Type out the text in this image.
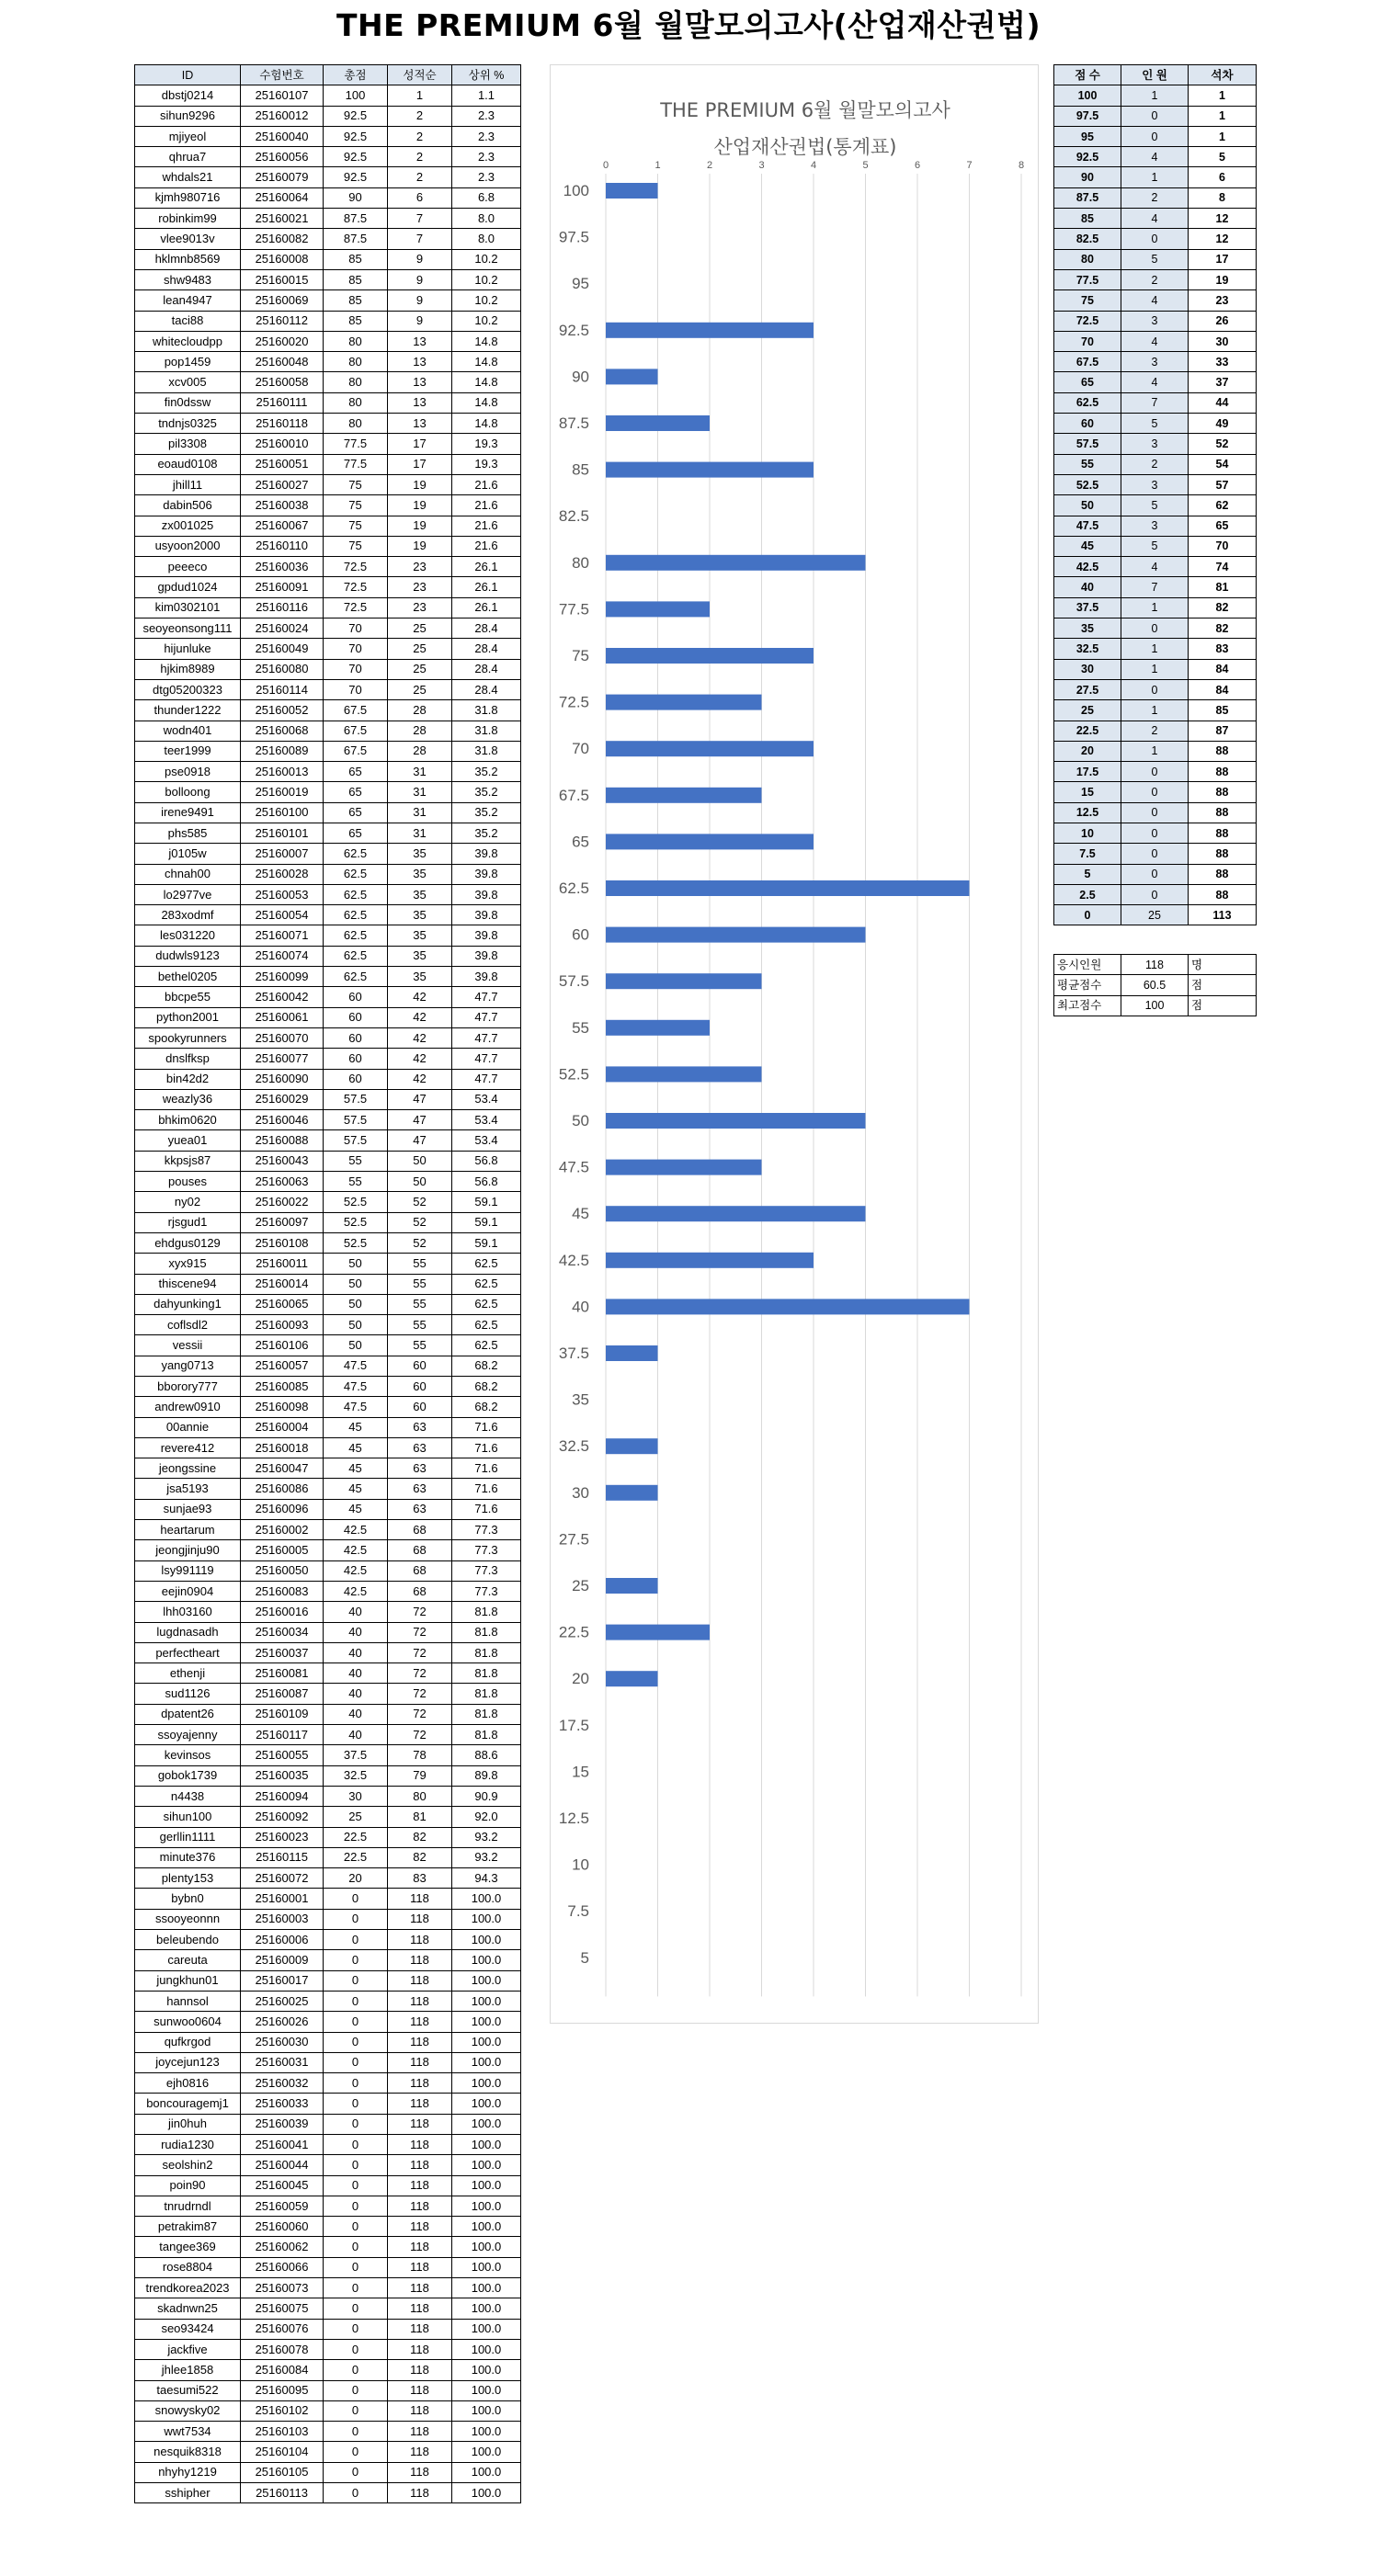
THE PREMIUM 6월 월말모의고사(산업재산권법)
ID	수험번호	총점	성적순	상위 %
dbstj0214	25160107	100	1	1.1
sihun9296	25160012	92.5	2	2.3
mjiyeol	25160040	92.5	2	2.3
qhrua7	25160056	92.5	2	2.3
whdals21	25160079	92.5	2	2.3
kjmh980716	25160064	90	6	6.8
robinkim99	25160021	87.5	7	8.0
vlee9013v	25160082	87.5	7	8.0
hklmnb8569	25160008	85	9	10.2
shw9483	25160015	85	9	10.2
lean4947	25160069	85	9	10.2
taci88	25160112	85	9	10.2
whitecloudpp	25160020	80	13	14.8
pop1459	25160048	80	13	14.8
xcv005	25160058	80	13	14.8
fin0dssw	25160111	80	13	14.8
tndnjs0325	25160118	80	13	14.8
pil3308	25160010	77.5	17	19.3
eoaud0108	25160051	77.5	17	19.3
jhill11	25160027	75	19	21.6
dabin506	25160038	75	19	21.6
zx001025	25160067	75	19	21.6
usyoon2000	25160110	75	19	21.6
peeeco	25160036	72.5	23	26.1
gpdud1024	25160091	72.5	23	26.1
kim0302101	25160116	72.5	23	26.1
seoyeonsong111	25160024	70	25	28.4
hijunluke	25160049	70	25	28.4
hjkim8989	25160080	70	25	28.4
dtg05200323	25160114	70	25	28.4
thunder1222	25160052	67.5	28	31.8
wodn401	25160068	67.5	28	31.8
teer1999	25160089	67.5	28	31.8
pse0918	25160013	65	31	35.2
bolloong	25160019	65	31	35.2
irene9491	25160100	65	31	35.2
phs585	25160101	65	31	35.2
j0105w	25160007	62.5	35	39.8
chnah00	25160028	62.5	35	39.8
lo2977ve	25160053	62.5	35	39.8
283xodmf	25160054	62.5	35	39.8
les031220	25160071	62.5	35	39.8
dudwls9123	25160074	62.5	35	39.8
bethel0205	25160099	62.5	35	39.8
bbcpe55	25160042	60	42	47.7
python2001	25160061	60	42	47.7
spookyrunners	25160070	60	42	47.7
dnslfksp	25160077	60	42	47.7
bin42d2	25160090	60	42	47.7
weazly36	25160029	57.5	47	53.4
bhkim0620	25160046	57.5	47	53.4
yuea01	25160088	57.5	47	53.4
kkpsjs87	25160043	55	50	56.8
pouses	25160063	55	50	56.8
ny02	25160022	52.5	52	59.1
rjsgud1	25160097	52.5	52	59.1
ehdgus0129	25160108	52.5	52	59.1
xyx915	25160011	50	55	62.5
thiscene94	25160014	50	55	62.5
dahyunking1	25160065	50	55	62.5
coflsdl2	25160093	50	55	62.5
vessii	25160106	50	55	62.5
yang0713	25160057	47.5	60	68.2
bborory777	25160085	47.5	60	68.2
andrew0910	25160098	47.5	60	68.2
00annie	25160004	45	63	71.6
revere412	25160018	45	63	71.6
jeongssine	25160047	45	63	71.6
jsa5193	25160086	45	63	71.6
sunjae93	25160096	45	63	71.6
heartarum	25160002	42.5	68	77.3
jeongjinju90	25160005	42.5	68	77.3
lsy991119	25160050	42.5	68	77.3
eejin0904	25160083	42.5	68	77.3
lhh03160	25160016	40	72	81.8
lugdnasadh	25160034	40	72	81.8
perfectheart	25160037	40	72	81.8
ethenji	25160081	40	72	81.8
sud1126	25160087	40	72	81.8
dpatent26	25160109	40	72	81.8
ssoyajenny	25160117	40	72	81.8
kevinsos	25160055	37.5	78	88.6
gobok1739	25160035	32.5	79	89.8
n4438	25160094	30	80	90.9
sihun100	25160092	25	81	92.0
gerllin1111	25160023	22.5	82	93.2
minute376	25160115	22.5	82	93.2
plenty153	25160072	20	83	94.3
bybn0	25160001	0	118	100.0
ssooyeonnn	25160003	0	118	100.0
beleubendo	25160006	0	118	100.0
careuta	25160009	0	118	100.0
jungkhun01	25160017	0	118	100.0
hannsol	25160025	0	118	100.0
sunwoo0604	25160026	0	118	100.0
qufkrgod	25160030	0	118	100.0
joycejun123	25160031	0	118	100.0
ejh0816	25160032	0	118	100.0
boncouragemj1	25160033	0	118	100.0
jin0huh	25160039	0	118	100.0
rudia1230	25160041	0	118	100.0
seolshin2	25160044	0	118	100.0
poin90	25160045	0	118	100.0
tnrudrndl	25160059	0	118	100.0
petrakim87	25160060	0	118	100.0
tangee369	25160062	0	118	100.0
rose8804	25160066	0	118	100.0
trendkorea2023	25160073	0	118	100.0
skadnwn25	25160075	0	118	100.0
seo93424	25160076	0	118	100.0
jackfive	25160078	0	118	100.0
jhlee1858	25160084	0	118	100.0
taesumi522	25160095	0	118	100.0
snowysky02	25160102	0	118	100.0
wwt7534	25160103	0	118	100.0
nesquik8318	25160104	0	118	100.0
nhyhy1219	25160105	0	118	100.0
sshipher	25160113	0	118	100.0
THE PREMIUM 6월 월말모의고사
산업재산권법(통계표)
0	1	2	3	4	5	6	7	8
100
97.5
95
92.5
90
87.5
85
82.5
80
77.5
75
72.5
70
67.5
65
62.5
60
57.5
55
52.5
50
47.5
45
42.5
40
37.5
35
32.5
30
27.5
25
22.5
20
17.5
15
12.5
10
7.5
5
점 수	인 원	석차
100	1	1
97.5	0	1
95	0	1
92.5	4	5
90	1	6
87.5	2	8
85	4	12
82.5	0	12
80	5	17
77.5	2	19
75	4	23
72.5	3	26
70	4	30
67.5	3	33
65	4	37
62.5	7	44
60	5	49
57.5	3	52
55	2	54
52.5	3	57
50	5	62
47.5	3	65
45	5	70
42.5	4	74
40	7	81
37.5	1	82
35	0	82
32.5	1	83
30	1	84
27.5	0	84
25	1	85
22.5	2	87
20	1	88
17.5	0	88
15	0	88
12.5	0	88
10	0	88
7.5	0	88
5	0	88
2.5	0	88
0	25	113
응시인원	118	명
평균점수	60.5	점
최고점수	100	점
